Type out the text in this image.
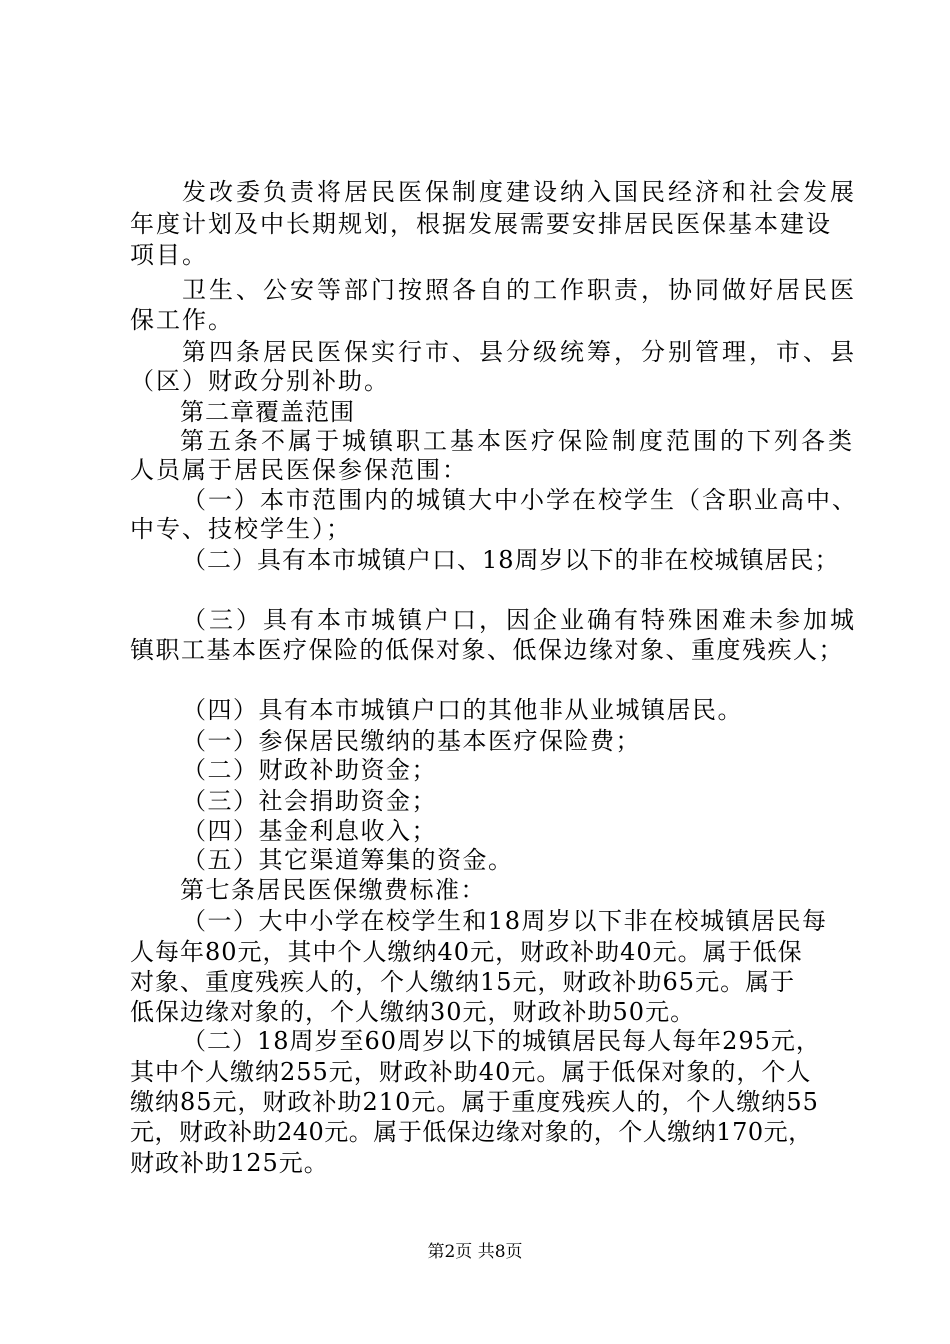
发改委负责将居民医保制度建设纳入国民经济和社会发展
年度计划及中长期规划，根据发展需要安排居民医保基本建设
项目。
卫生、公安等部门按照各自的工作职责，协同做好居民医
保工作。
第四条居民医保实行市、县分级统筹，分别管理，市、县
（区）财政分别补助。
第二章覆盖范围
第五条不属于城镇职工基本医疗保险制度范围的下列各类
人员属于居民医保参保范围：
（一）本市范围内的城镇大中小学在校学生（含职业高中、
中专、技校学生）；
（二）具有本市城镇户口、18周岁以下的非在校城镇居民；
（三）具有本市城镇户口，因企业确有特殊困难未参加城
镇职工基本医疗保险的低保对象、低保边缘对象、重度残疾人；
（四）具有本市城镇户口的其他非从业城镇居民。
（一）参保居民缴纳的基本医疗保险费；
（二）财政补助资金；
（三）社会捐助资金；
（四）基金利息收入；
（五）其它渠道筹集的资金。
第七条居民医保缴费标准：
（一）大中小学在校学生和18周岁以下非在校城镇居民每
人每年80元，其中个人缴纳40元，财政补助40元。属于低保
对象、重度残疾人的，个人缴纳15元，财政补助65元。属于
低保边缘对象的，个人缴纳30元，财政补助50元。
（二）18周岁至60周岁以下的城镇居民每人每年295元，
其中个人缴纳255元，财政补助40元。属于低保对象的，个人
缴纳85元，财政补助210元。属于重度残疾人的，个人缴纳55
元，财政补助240元。属于低保边缘对象的，个人缴纳170元，
财政补助125元。
第2页 共8页
